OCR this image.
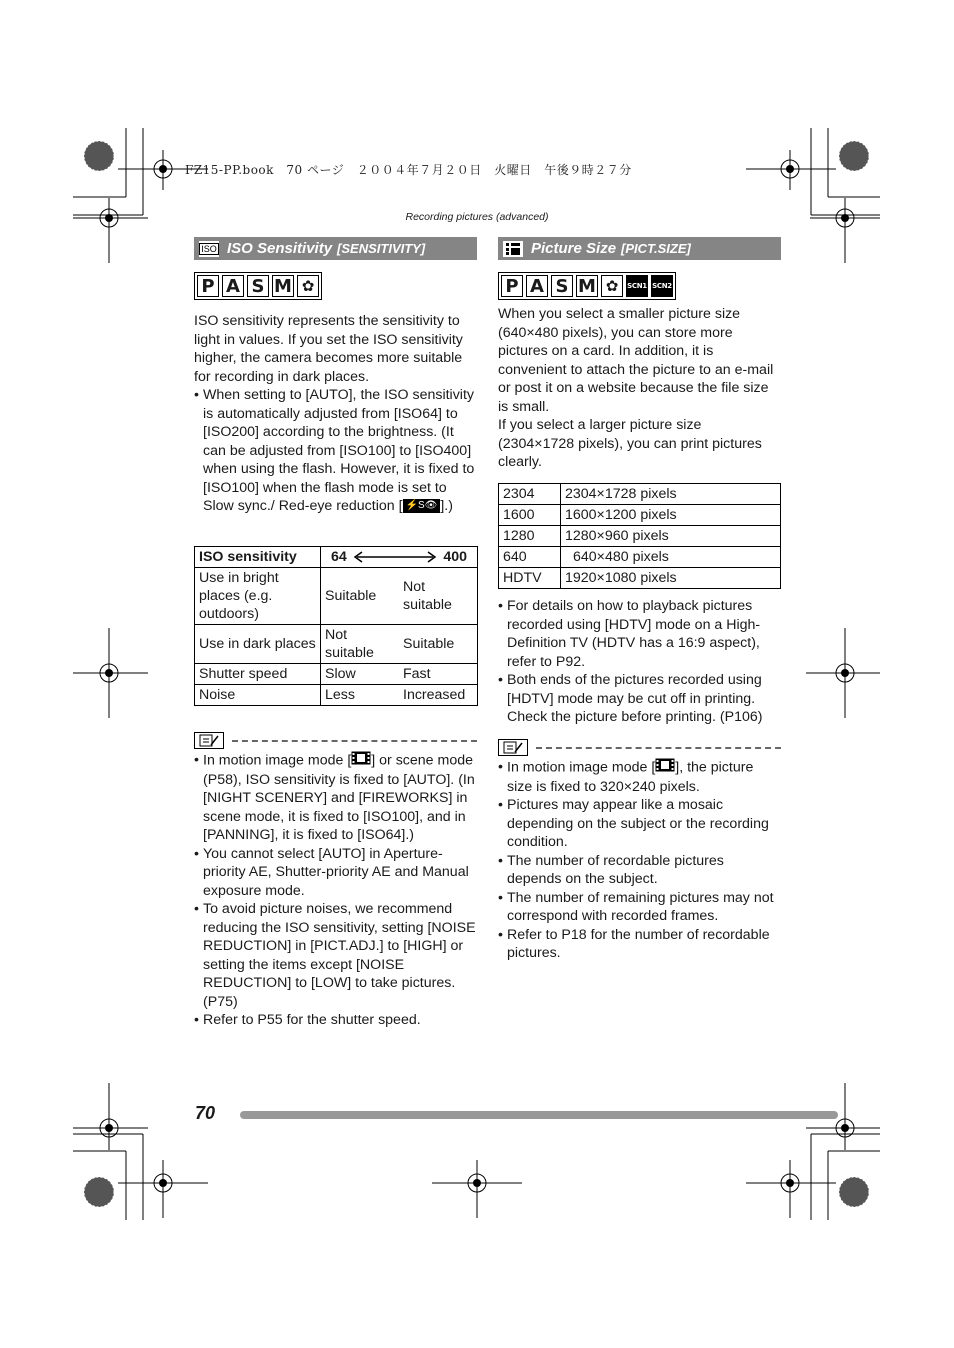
FZ15-PP.book　70 ページ　２００４年７月２０日　火曜日　午後９時２７分
Recording pictures (advanced)
ISO ISO Sensitivity [SENSITIVITY]
P A S M ✿

ISO sensitivity represents the sensitivity to light in values. If you set the ISO sensitivity higher, the camera becomes more suitable for recording in dark places.

• When setting to [AUTO], the ISO sensitivity is automatically adjusted from [ISO64] to [ISO200] according to the brightness. (It can be adjusted from [ISO100] to [ISO400] when using the flash. However, it is fixed to [ISO100] when the flash mode is set to Slow sync./ Red-eye reduction [ ⚡S👁 ].)
ISO sensitivity	64 400	

Use in bright places (e.g. outdoors)	Suitable	Not suitable
Use in dark places	Not suitable	Suitable
Shutter speed	Slow	Fast
Noise	Less	Increased
• In motion image mode [ ] or scene mode (P58), ISO sensitivity is fixed to [AUTO]. (In [NIGHT SCENERY] and [FIREWORKS] in scene mode, it is fixed to [ISO100], and in [PANNING], it is fixed to [ISO64].)
• You cannot select [AUTO] in Aperture-priority AE, Shutter-priority AE and Manual exposure mode.
• To avoid picture noises, we recommend reducing the ISO sensitivity, setting [NOISE REDUCTION] in [PICT.ADJ.] to [HIGH] or setting the items except [NOISE REDUCTION] to [LOW] to take pictures. (P75)
• Refer to P55 for the shutter speed.
Picture Size [PICT.SIZE]
P A S M ✿	SCN1 SCN2

When you select a smaller picture size (640×480 pixels), you can store more pictures on a card. In addition, it is convenient to attach the picture to an e-mail or post it on a website because the file size is small.

If you select a larger picture size (2304×1728 pixels), you can print pictures clearly.

2304	2304×1728 pixels
1600	1600×1200 pixels
1280	1280×960 pixels
640	640×480 pixels
HDTV	1920×1080 pixels
• For details on how to playback pictures recorded using [HDTV] mode on a High-Definition TV (HDTV has a 16:9 aspect), refer to P92.
• Both ends of the pictures recorded using [HDTV] mode may be cut off in printing. Check the picture before printing. (P106)
• In motion image mode [ ], the picture size is fixed to 320×240 pixels.
• Pictures may appear like a mosaic depending on the subject or the recording condition.
• The number of recordable pictures depends on the subject.
• The number of remaining pictures may not correspond with recorded frames.
• Refer to P18 for the number of recordable pictures.
70
